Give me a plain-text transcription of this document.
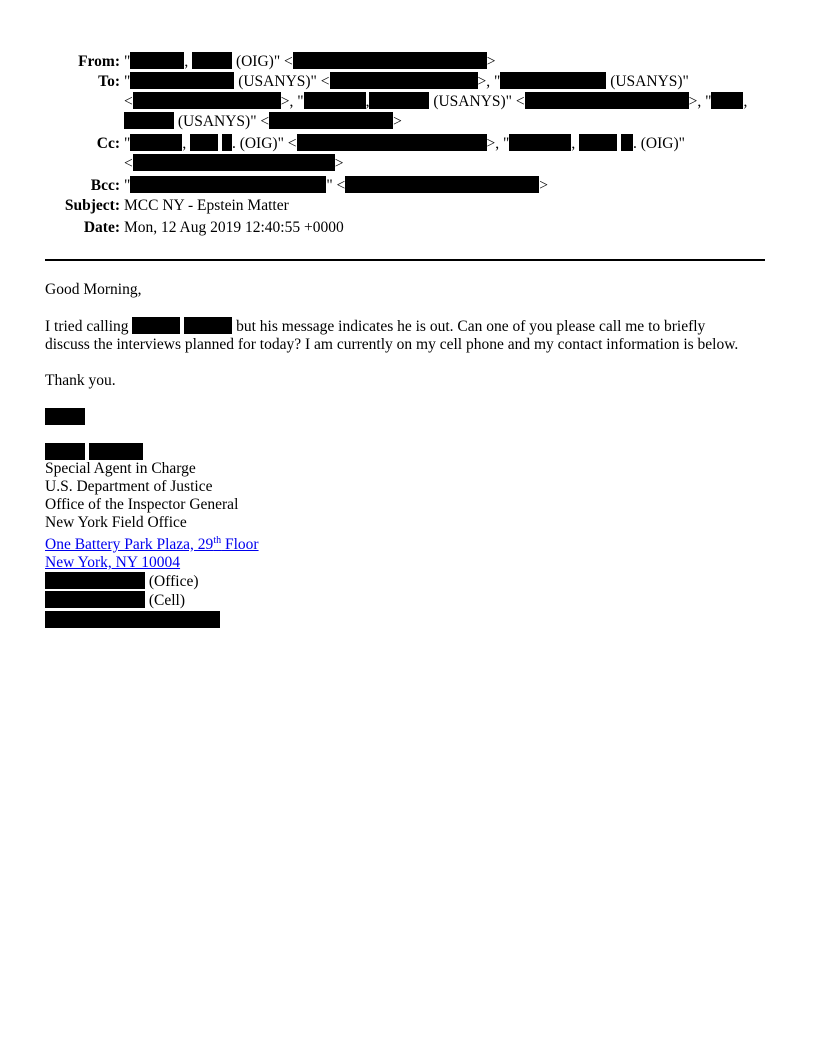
From: "	,	(OIG)" <	>
To: "	(USANYS)" <	>, "	(USANYS)"
<	>, "	,	(USANYS)" <	>, " ,
(USANYS)" <	>
Cc: "	,	. (OIG)" <	>, "	,	. (OIG)"
<	>
Bcc: "	" <	>
Subject: MCC NY - Epstein Matter
Date: Mon, 12 Aug 2019 12:40:55 +0000

Good Morning,

I tried calling	but his message indicates he is out. Can one of you please call me to briefly
discuss the interviews planned for today? I am currently on my cell phone and my contact information is below.

Thank you.

Special Agent in Charge

U.S. Department of Justice

Office of the Inspector General

New York Field Office

One Battery Park Plaza, 29th Floor

New York, NY 10004

(Office)

(Cell)
